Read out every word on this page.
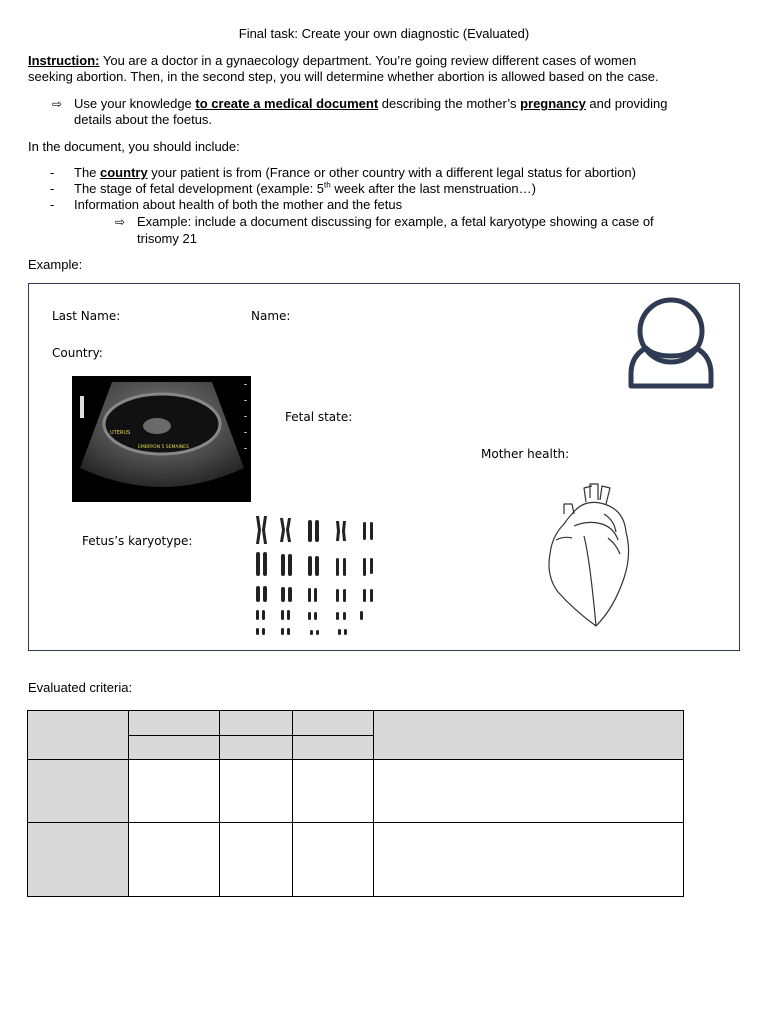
Final task: Create your own diagnostic (Evaluated)
Instruction: You are a doctor in a gynaecology department. You’re going review different cases of women
seeking abortion. Then, in the second step, you will determine whether abortion is allowed based on the case.
⇨ Use your knowledge to create a medical document describing the mother’s pregnancy and providing
details about the foetus.
In the document, you should include:
- The country your patient is from (France or other country with a different legal status for abortion)
- The stage of fetal development (example: 5th week after the last menstruation…)
- Information about health of both the mother and the fetus
⇨ Example: include a document discussing for example, a fetal karyotype showing a case of
trisomy 21
Example:
Last Name:	Name:
Country:
Fetal state:
Mother health:
Fetus’s karyotype:
UTERUS
EMBRYON 5 SEMAINES
Evaluated criteria:
